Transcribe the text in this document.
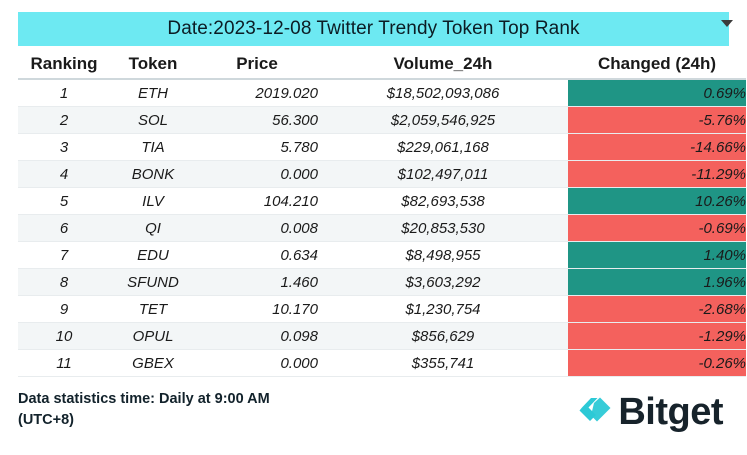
Date:2023-12-08 Twitter Trendy Token Top Rank
Ranking	Token	Price	Volume_24h	Changed (24h)
1	ETH	2019.020	$18,502,093,086	0.69%
2	SOL	56.300	$2,059,546,925	-5.76%
3	TIA	5.780	$229,061,168	-14.66%
4	BONK	0.000	$102,497,011	-11.29%
5	ILV	104.210	$82,693,538	10.26%
6	QI	0.008	$20,853,530	-0.69%
7	EDU	0.634	$8,498,955	1.40%
8	SFUND	1.460	$3,603,292	1.96%
9	TET	10.170	$1,230,754	-2.68%
10	OPUL	0.098	$856,629	-1.29%
11	GBEX	0.000	$355,741	-0.26%
Data statistics time: Daily at 9:00 AM
(UTC+8)	Bitget
